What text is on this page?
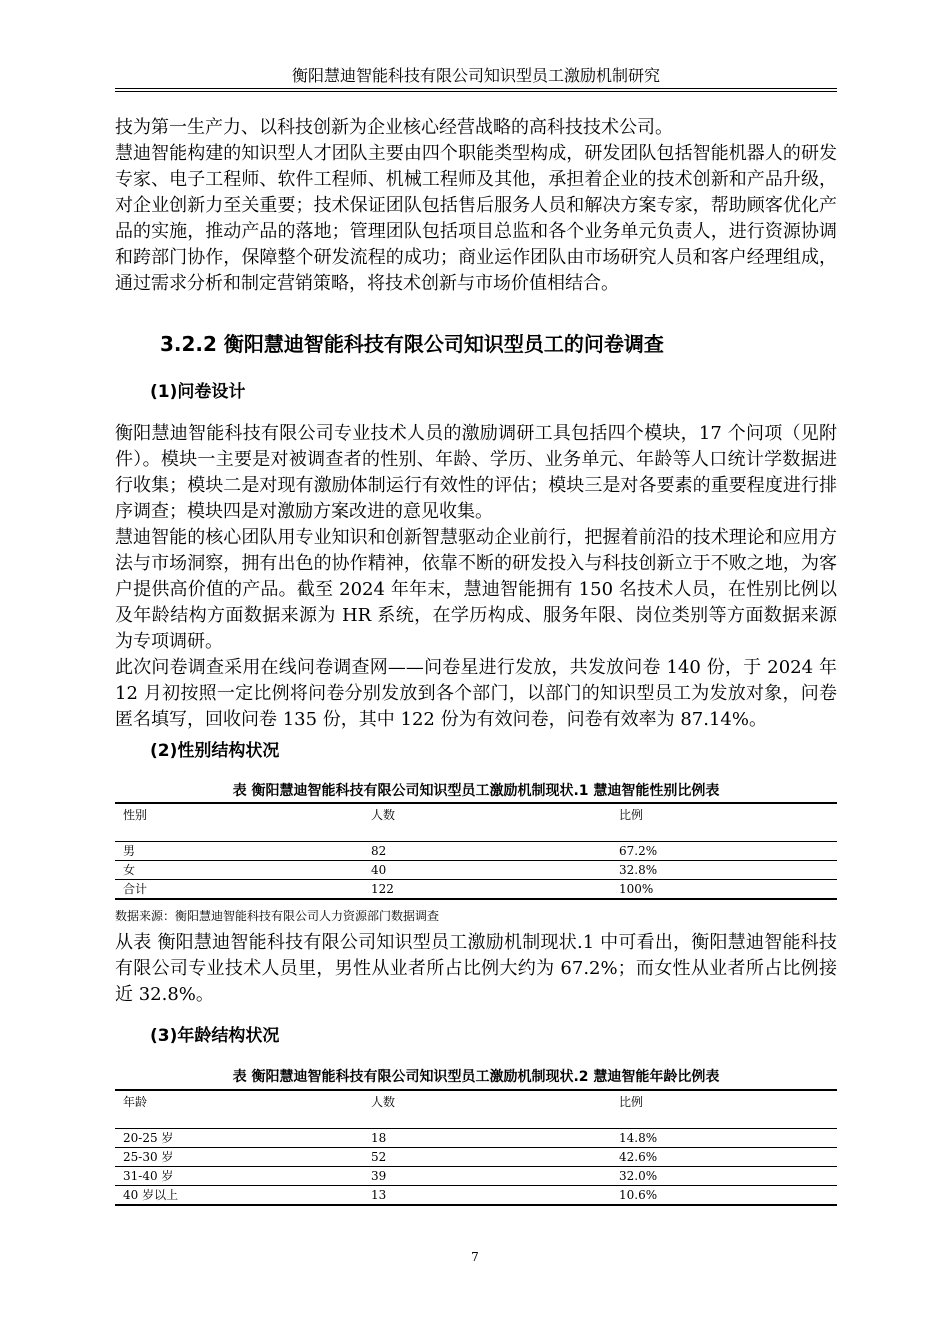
衡阳慧迪智能科技有限公司知识型员工激励机制研究

技为第一生产力、以科技创新为企业核心经营战略的高科技技术公司。

慧迪智能构建的知识型人才团队主要由四个职能类型构成，研发团队包括智能机器人的研发专家、电子工程师、软件工程师、机械工程师及其他，承担着企业的技术创新和产品升级，对企业创新力至关重要；技术保证团队包括售后服务人员和解决方案专家，帮助顾客优化产品的实施，推动产品的落地；管理团队包括项目总监和各个业务单元负责人，进行资源协调和跨部门协作，保障整个研发流程的成功；商业运作团队由市场研究人员和客户经理组成，通过需求分析和制定营销策略，将技术创新与市场价值相结合。

3.2.2 衡阳慧迪智能科技有限公司知识型员工的问卷调查
(1)问卷设计

衡阳慧迪智能科技有限公司专业技术人员的激励调研工具包括四个模块，17 个问项（见附件）。模块一主要是对被调查者的性别、年龄、学历、业务单元、年龄等人口统计学数据进行收集；模块二是对现有激励体制运行有效性的评估；模块三是对各要素的重要程度进行排序调查；模块四是对激励方案改进的意见收集。

慧迪智能的核心团队用专业知识和创新智慧驱动企业前行，把握着前沿的技术理论和应用方法与市场洞察，拥有出色的协作精神，依靠不断的研发投入与科技创新立于不败之地，为客户提供高价值的产品。截至 2024 年年末，慧迪智能拥有 150 名技术人员，在性别比例以及年龄结构方面数据来源为 HR 系统，在学历构成、服务年限、岗位类别等方面数据来源为专项调研。

此次问卷调查采用在线问卷调查网——问卷星进行发放，共发放问卷 140 份，于 2024 年 12 月初按照一定比例将问卷分别发放到各个部门，以部门的知识型员工为发放对象，问卷匿名填写，回收问卷 135 份，其中 122 份为有效问卷，问卷有效率为 87.14%。

(2)性别结构状况
表 衡阳慧迪智能科技有限公司知识型员工激励机制现状.1 慧迪智能性别比例表
性别	人数	比例
男	82	67.2%
女	40	32.8%
合计	122	100%
数据来源：衡阳慧迪智能科技有限公司人力资源部门数据调查

从表 衡阳慧迪智能科技有限公司知识型员工激励机制现状.1 中可看出，衡阳慧迪智能科技有限公司专业技术人员里，男性从业者所占比例大约为 67.2%；而女性从业者所占比例接近 32.8%。

(3)年龄结构状况
表 衡阳慧迪智能科技有限公司知识型员工激励机制现状.2 慧迪智能年龄比例表
年龄	人数	比例
20-25 岁	18	14.8%
25-30 岁	52	42.6%
31-40 岁	39	32.0%
40 岁以上	13	10.6%
7
